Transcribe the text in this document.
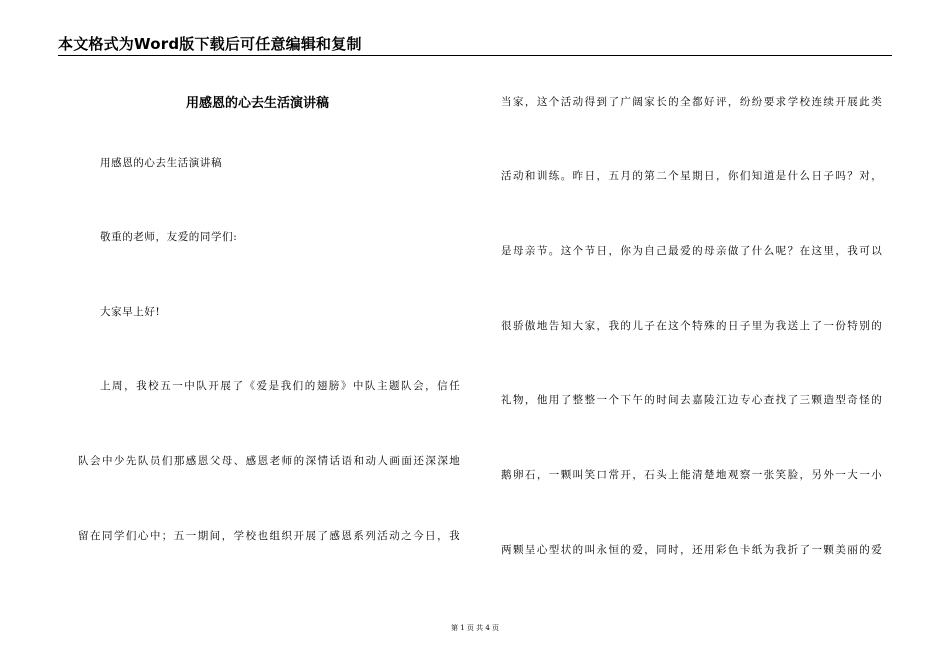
本文格式为Word版下载后可任意编辑和复制
用感恩的心去生活演讲稿
用感恩的心去生活演讲稿
敬重的老师，友爱的同学们:
大家早上好!
上周，我校五一中队开展了《爱是我们的翅膀》中队主题队会，信任
队会中少先队员们那感恩父母、感恩老师的深情话语和动人画面还深深地
留在同学们心中；五一期间，学校也组织开展了感恩系列活动之今日，我
当家，这个活动得到了广阔家长的全都好评，纷纷要求学校连续开展此类
活动和训练。昨日，五月的第二个星期日，你们知道是什么日子吗？对，
是母亲节。这个节日，你为自己最爱的母亲做了什么呢？在这里，我可以
很骄傲地告知大家，我的儿子在这个特殊的日子里为我送上了一份特别的
礼物，他用了整整一个下午的时间去嘉陵江边专心查找了三颗造型奇怪的
鹅卵石，一颗叫笑口常开，石头上能清楚地观察一张笑脸，另外一大一小
两颗呈心型状的叫永恒的爱，同时，还用彩色卡纸为我折了一颗美丽的爱
第 1 页 共 4 页
